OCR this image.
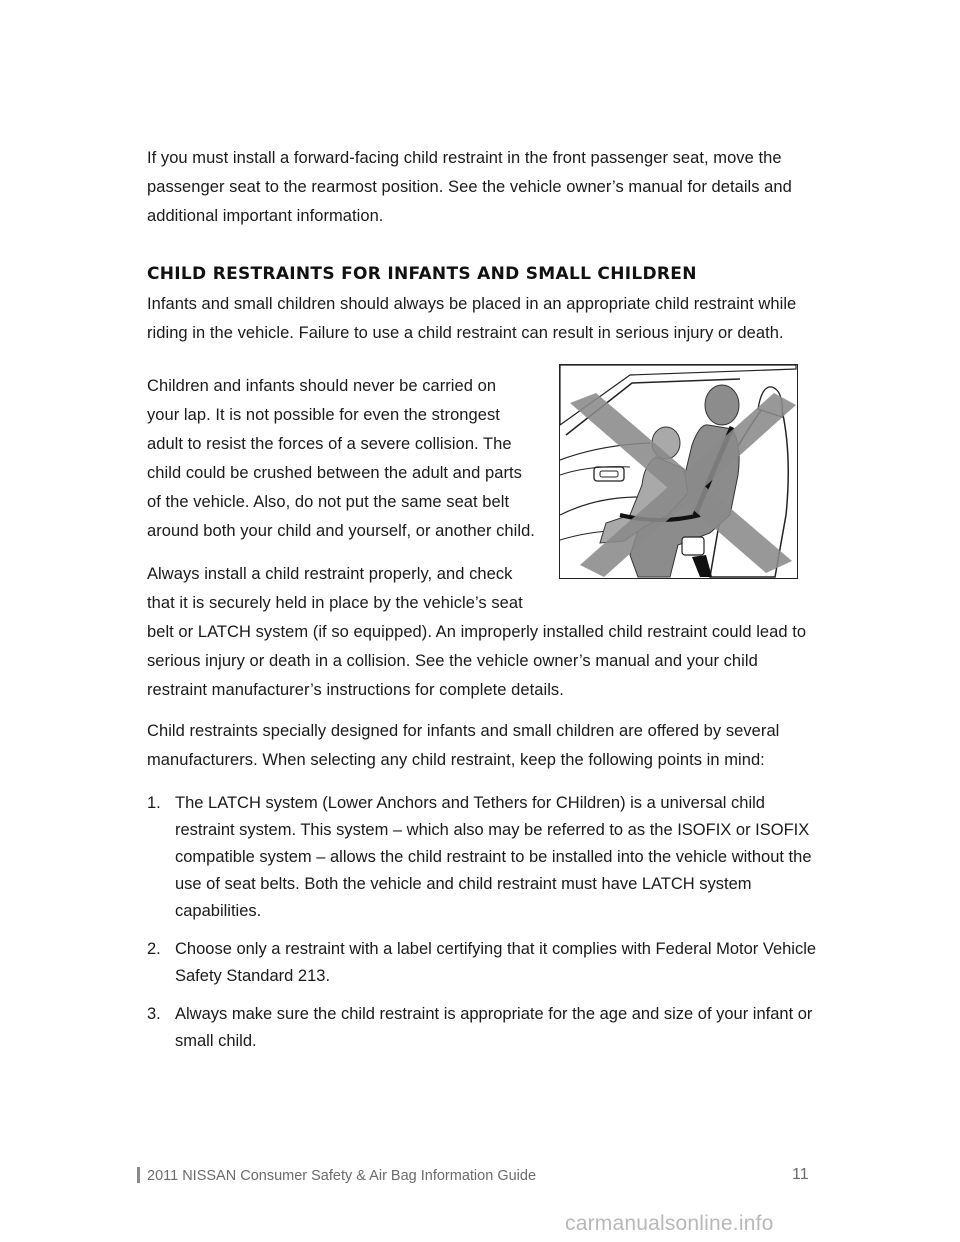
If you must install a forward-facing child restraint in the front passenger seat, move the
passenger seat to the rearmost position. See the vehicle owner’s manual for details and
additional important information.

CHILD RESTRAINTS FOR INFANTS AND SMALL CHILDREN

Infants and small children should always be placed in an appropriate child restraint while
riding in the vehicle. Failure to use a child restraint can result in serious injury or death.

Children and infants should never be carried on
your lap. It is not possible for even the strongest
adult to resist the forces of a severe collision. The
child could be crushed between the adult and parts
of the vehicle. Also, do not put the same seat belt
around both your child and yourself, or another child.

Always install a child restraint properly, and check
that it is securely held in place by the vehicle’s seat
belt or LATCH system (if so equipped). An improperly installed child restraint could lead to
serious injury or death in a collision. See the vehicle owner’s manual and your child
restraint manufacturer’s instructions for complete details.

Child restraints specially designed for infants and small children are offered by several
manufacturers. When selecting any child restraint, keep the following points in mind:

1. The LATCH system (Lower Anchors and Tethers for CHildren) is a universal child restraint system. This system – which also may be referred to as the ISOFIX or ISOFIX compatible system – allows the child restraint to be installed into the vehicle without the use of seat belts. Both the vehicle and child restraint must have LATCH system capabilities.
2. Choose only a restraint with a label certifying that it complies with Federal Motor Vehicle Safety Standard 213.
3. Always make sure the child restraint is appropriate for the age and size of your infant or small child.
2011 NISSAN Consumer Safety & Air Bag Information Guide	11
carmanualsonline.info
